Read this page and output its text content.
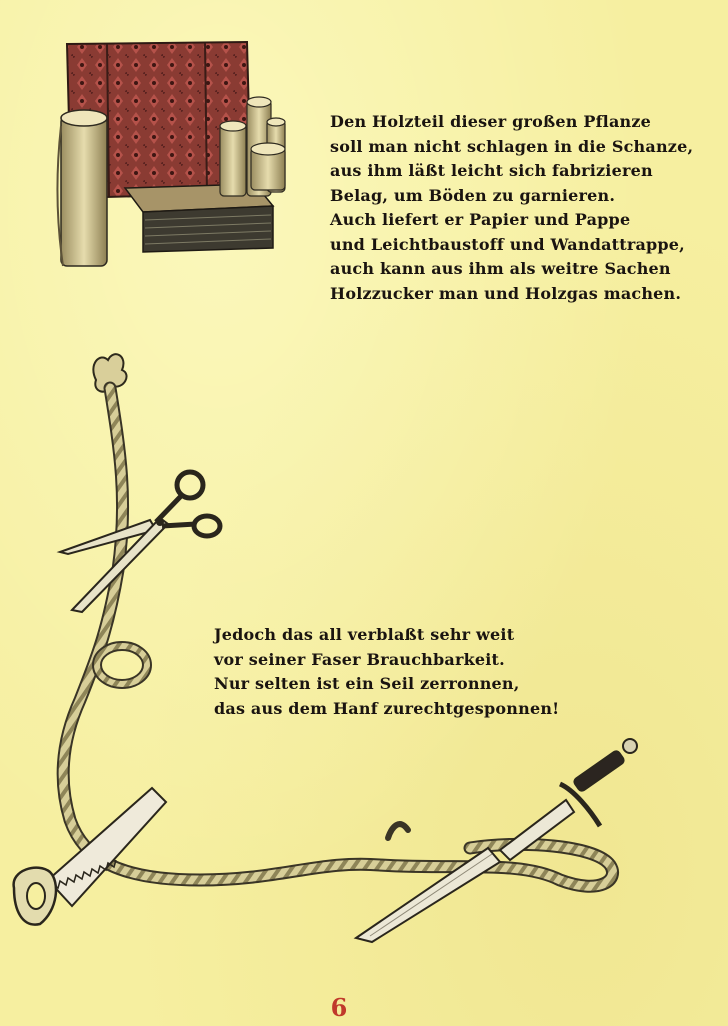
Den Holzteil dieser großen Pflanze
soll man nicht schlagen in die Schanze,
aus ihm läßt leicht sich fabrizieren
Belag, um Böden zu garnieren.
Auch liefert er Papier und Pappe
und Leichtbaustoff und Wandattrappe,
auch kann aus ihm als weitre Sachen
Holzzucker man und Holzgas machen.

Jedoch das all verblaßt sehr weit
vor seiner Faser Brauchbarkeit.
Nur selten ist ein Seil zerronnen,
das aus dem Hanf zurechtgesponnen!

6
